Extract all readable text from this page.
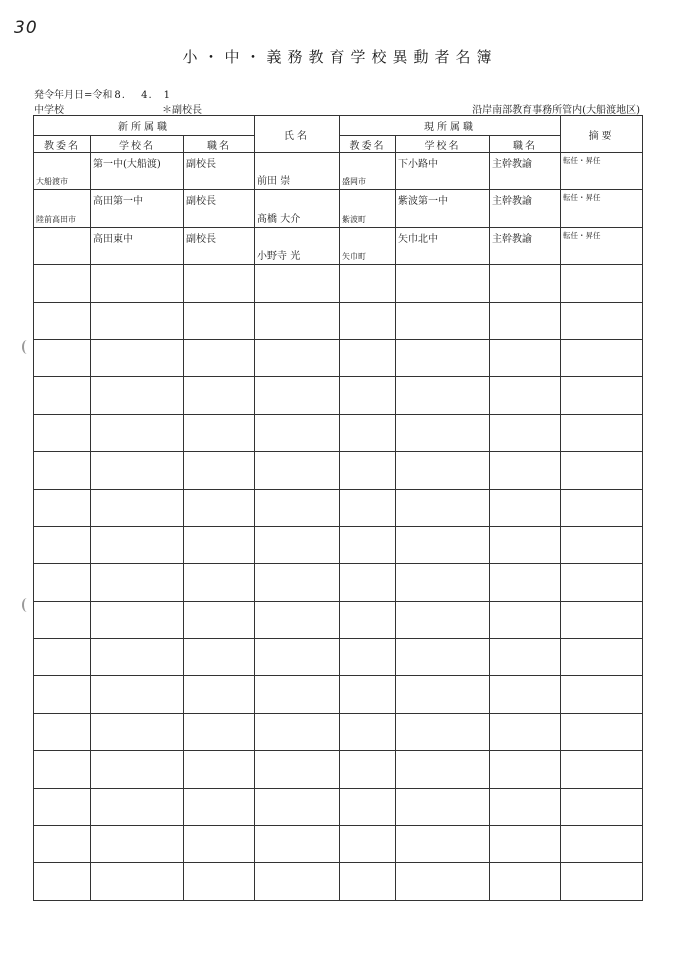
30
小・中・義務教育学校異動者名簿
発令年月日=令和 8.　 4.　1
中学校	＊副校長	沿岸南部教育事務所管内(大船渡地区)
新所属職			氏名	現所属職			摘要
教委名	学校名	職名		教委名	学校名	職名	

大船渡市	第一中(大船渡)	副校長	前田 崇	盛岡市	下小路中	主幹教諭	転任・昇任

陸前高田市	高田第一中	副校長	髙橋 大介	紫波町	紫波第一中	主幹教諭	転任・昇任

	高田東中	副校長	小野寺 光	矢巾町	矢巾北中	主幹教諭	転任・昇任
